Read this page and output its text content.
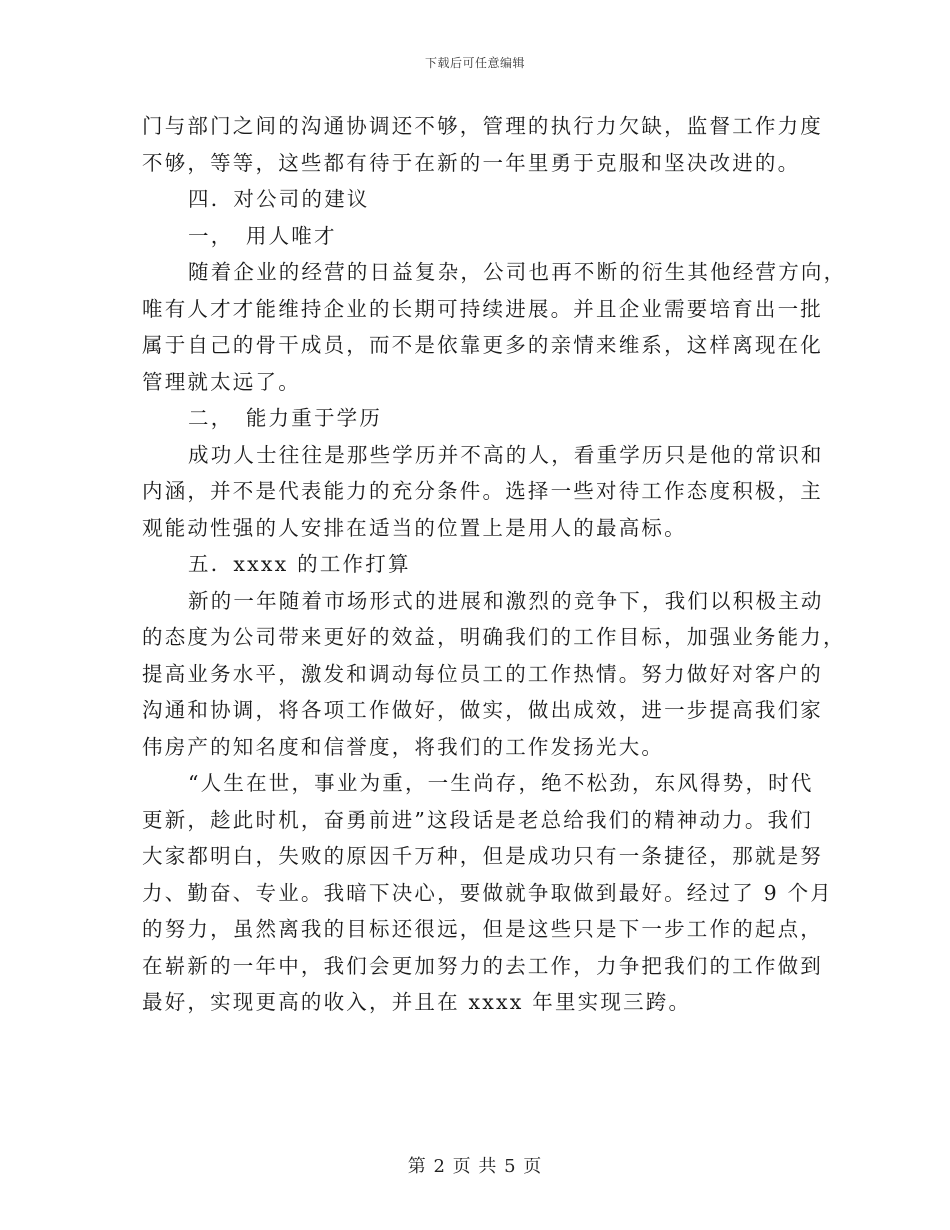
下载后可任意编辑
门与部门之间的沟通协调还不够，管理的执行力欠缺，监督工作力度
不够，等等，这些都有待于在新的一年里勇于克服和坚决改进的。
四．对公司的建议
一，　用人唯才
随着企业的经营的日益复杂，公司也再不断的衍生其他经营方向，
唯有人才才能维持企业的长期可持续进展。并且企业需要培育出一批
属于自己的骨干成员，而不是依靠更多的亲情来维系，这样离现在化
管理就太远了。
二，　能力重于学历
成功人士往往是那些学历并不高的人，看重学历只是他的常识和
内涵，并不是代表能力的充分条件。选择一些对待工作态度积极，主
观能动性强的人安排在适当的位置上是用人的最高标。
五．xxxx 的工作打算
新的一年随着市场形式的进展和激烈的竞争下，我们以积极主动
的态度为公司带来更好的效益，明确我们的工作目标，加强业务能力，
提高业务水平，激发和调动每位员工的工作热情。努力做好对客户的
沟通和协调，将各项工作做好，做实，做出成效，进一步提高我们家
伟房产的知名度和信誉度，将我们的工作发扬光大。
“人生在世，事业为重，一生尚存，绝不松劲，东风得势，时代
更新，趁此时机，奋勇前进”这段话是老总给我们的精神动力。我们
大家都明白，失败的原因千万种，但是成功只有一条捷径，那就是努
力、勤奋、专业。我暗下决心，要做就争取做到最好。经过了 9 个月
的努力，虽然离我的目标还很远，但是这些只是下一步工作的起点，
在崭新的一年中，我们会更加努力的去工作，力争把我们的工作做到
最好，实现更高的收入，并且在 xxxx 年里实现三跨。
第 2 页 共 5 页
